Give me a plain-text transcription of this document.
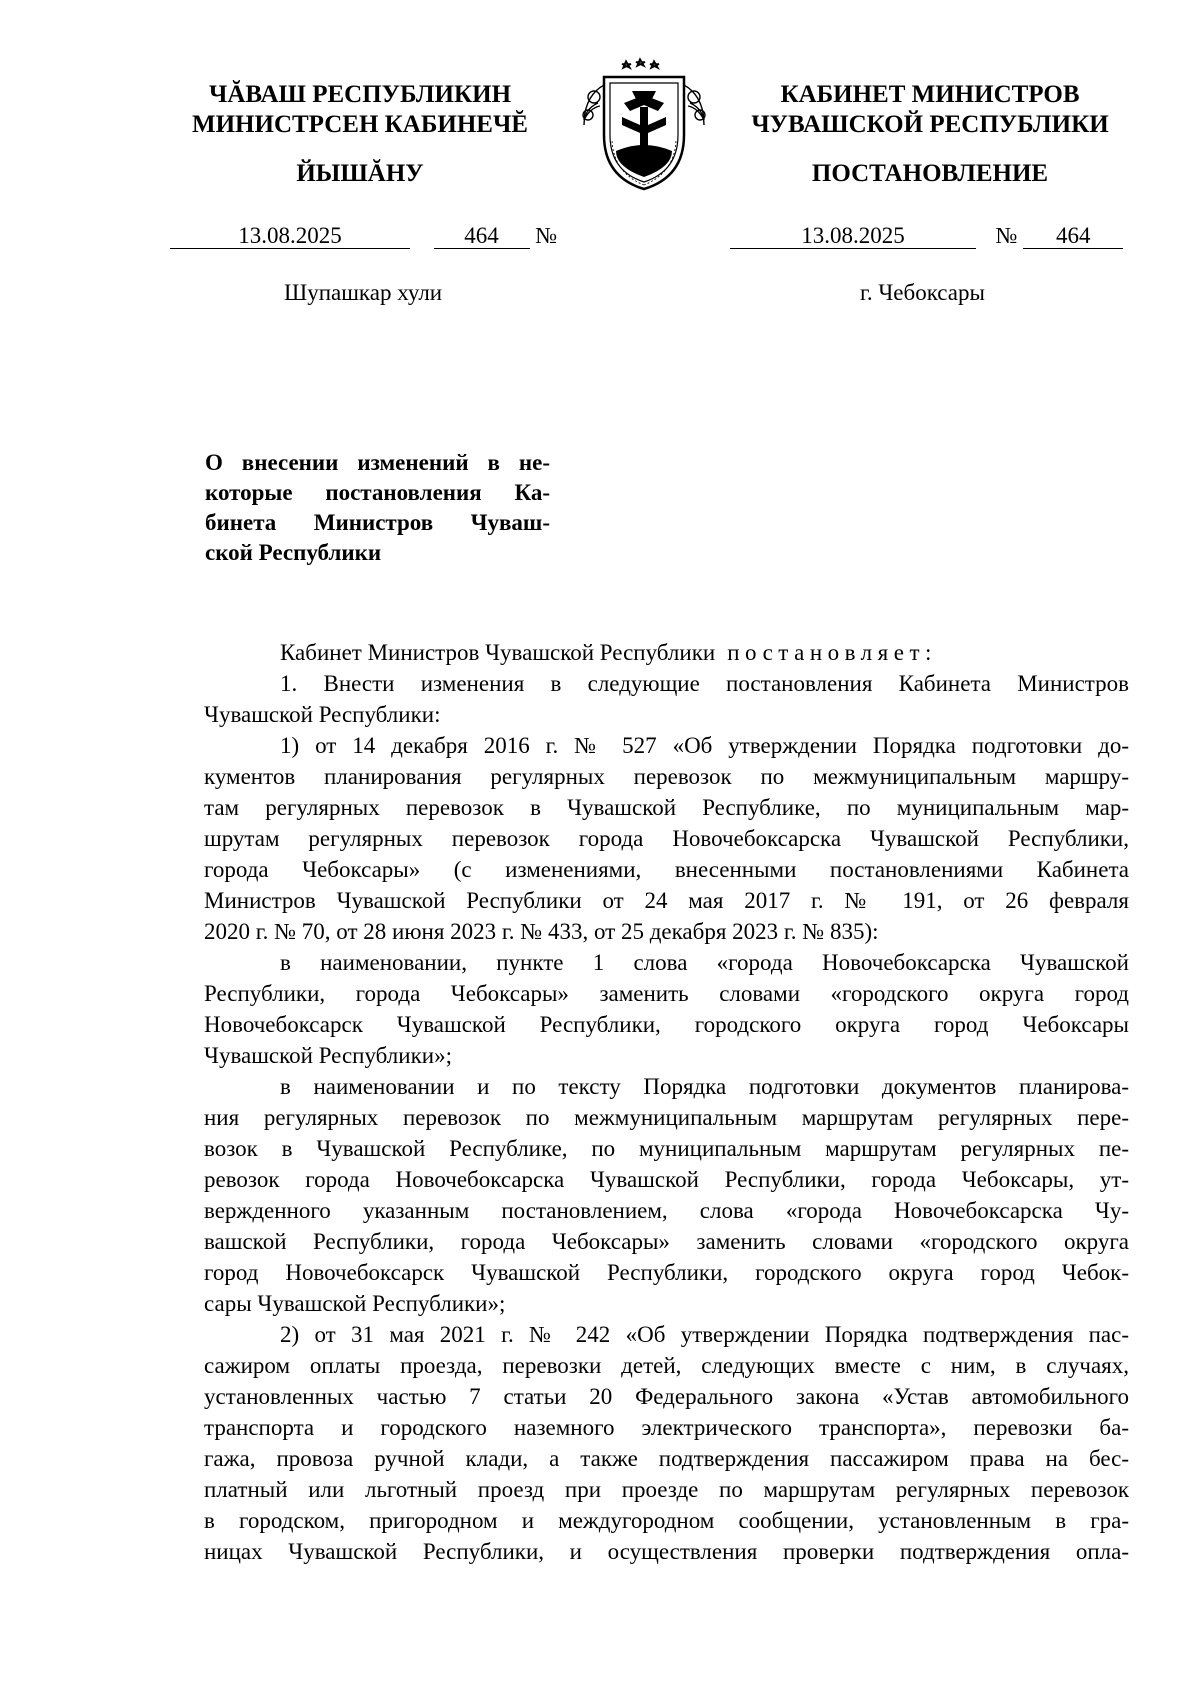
ЧĂВАШ РЕСПУБЛИКИН
МИНИСТРСЕН КАБИНЕЧĔ
ЙЫШĂНУ
КАБИНЕТ МИНИСТРОВ
ЧУВАШСКОЙ РЕСПУБЛИКИ
ПОСТАНОВЛЕНИЕ
13.08.2025	464 №	13.08.2025	№ 464
Шупашкар хули	г. Чебоксары
О внесении изменений в не-
которые постановления Ка-
бинета Министров Чуваш-
ской Республики
Кабинет Министров Чувашской Республики постановляет:
1. Внести изменения в следующие постановления Кабинета Министров
Чувашской Республики:
1) от 14 декабря 2016 г. № 527 «Об утверждении Порядка подготовки до-
кументов планирования регулярных перевозок по межмуниципальным маршру-
там регулярных перевозок в Чувашской Республике, по муниципальным мар-
шрутам регулярных перевозок города Новочебоксарска Чувашской Республики,
города Чебоксары» (с изменениями, внесенными постановлениями Кабинета
Министров Чувашской Республики от 24 мая 2017 г. № 191, от 26 февраля
2020 г. № 70, от 28 июня 2023 г. № 433, от 25 декабря 2023 г. № 835):
в наименовании, пункте 1 слова «города Новочебоксарска Чувашской
Республики, города Чебоксары» заменить словами «городского округа город
Новочебоксарск Чувашской Республики, городского округа город Чебоксары
Чувашской Республики»;
в наименовании и по тексту Порядка подготовки документов планирова-
ния регулярных перевозок по межмуниципальным маршрутам регулярных пере-
возок в Чувашской Республике, по муниципальным маршрутам регулярных пе-
ревозок города Новочебоксарска Чувашской Республики, города Чебоксары, ут-
вержденного указанным постановлением, слова «города Новочебоксарска Чу-
вашской Республики, города Чебоксары» заменить словами «городского округа
город Новочебоксарск Чувашской Республики, городского округа город Чебок-
сары Чувашской Республики»;
2) от 31 мая 2021 г. № 242 «Об утверждении Порядка подтверждения пас-
сажиром оплаты проезда, перевозки детей, следующих вместе с ним, в случаях,
установленных частью 7 статьи 20 Федерального закона «Устав автомобильного
транспорта и городского наземного электрического транспорта», перевозки ба-
гажа, провоза ручной клади, а также подтверждения пассажиром права на бес-
платный или льготный проезд при проезде по маршрутам регулярных перевозок
в городском, пригородном и междугородном сообщении, установленным в гра-
ницах Чувашской Республики, и осуществления проверки подтверждения опла-
